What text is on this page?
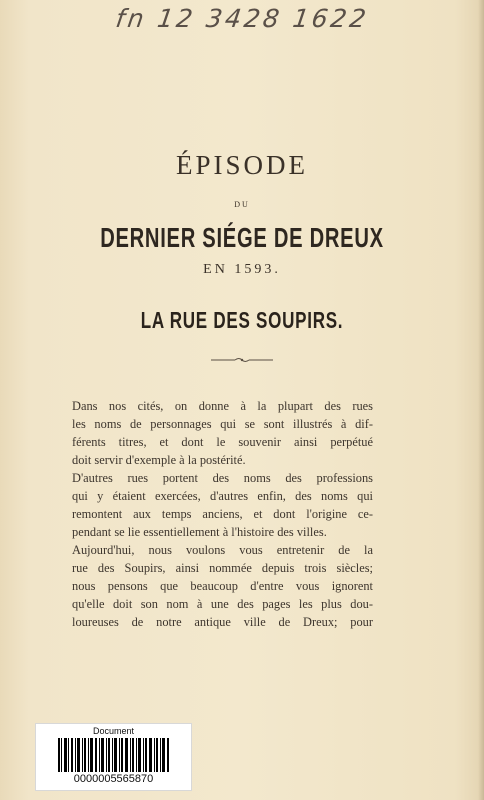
fn 12 3428 1622
ÉPISODE
DU
DERNIER SIÉGE DE DREUX
EN 1593.
LA RUE DES SOUPIRS.
Dans nos cités, on donne à la plupart des rues
les noms de personnages qui se sont illustrés à dif-
férents titres, et dont le souvenir ainsi perpétué
doit servir d'exemple à la postérité.
D'autres rues portent des noms des professions
qui y étaient exercées, d'autres enfin, des noms qui
remontent aux temps anciens, et dont l'origine ce-
pendant se lie essentiellement à l'histoire des villes.
Aujourd'hui, nous voulons vous entretenir de la
rue des Soupirs, ainsi nommée depuis trois siècles;
nous pensons que beaucoup d'entre vous ignorent
qu'elle doit son nom à une des pages les plus dou-
loureuses de notre antique ville de Dreux; pour
Document
0000005565870
